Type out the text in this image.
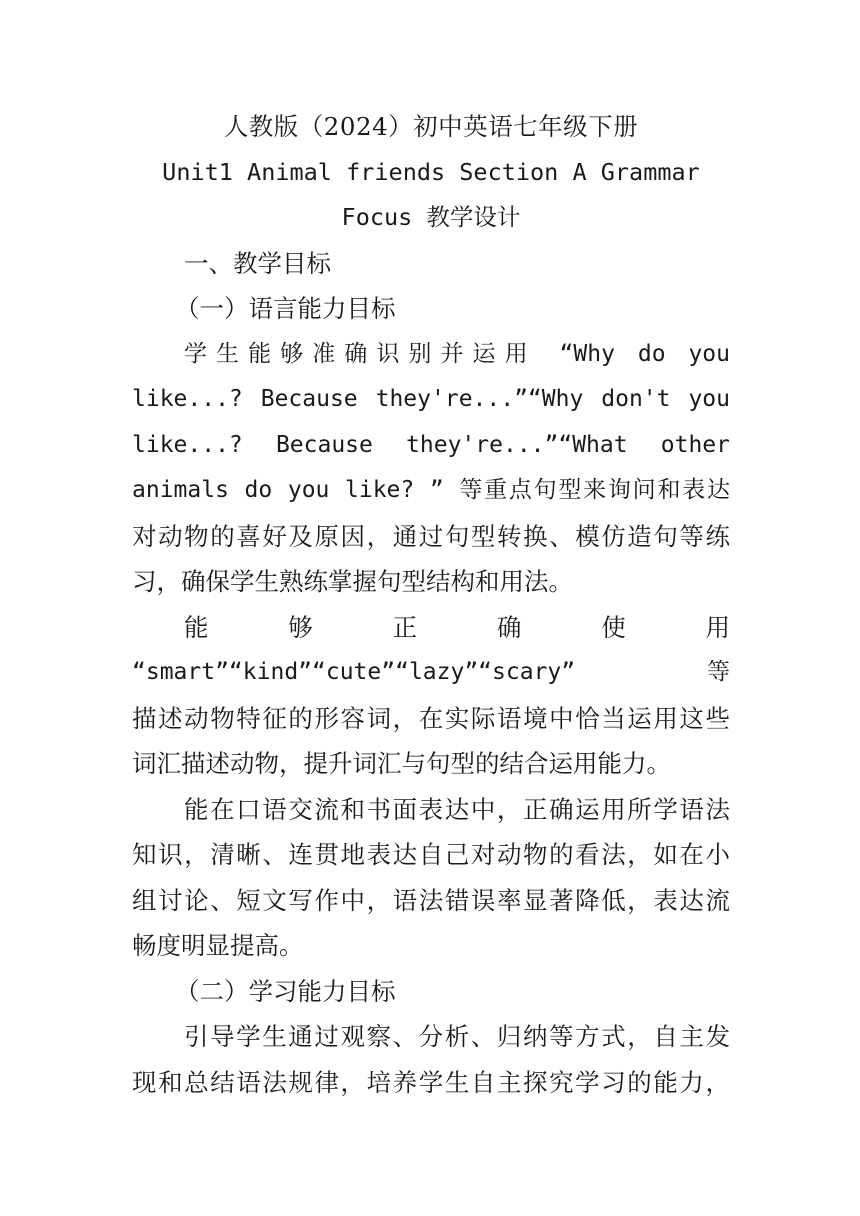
人教版（2024）初中英语七年级下册
Unit1 Animal friends Section A Grammar
Focus 教学设计
一、教学目标
（一）语言能力目标
学生能够准确识别并运用 “Why do you
like...? Because they're...”“Why don't you
like...? Because they're...”“What other
animals do you like? ” 等重点句型来询问和表达
对动物的喜好及原因，通过句型转换、模仿造句等练
习，确保学生熟练掌握句型结构和用法。
能 够 正 确 使 用
“smart”“kind”“cute”“lazy”“scary” 等
描述动物特征的形容词，在实际语境中恰当运用这些
词汇描述动物，提升词汇与句型的结合运用能力。
能在口语交流和书面表达中，正确运用所学语法
知识，清晰、连贯地表达自己对动物的看法，如在小
组讨论、短文写作中，语法错误率显著降低，表达流
畅度明显提高。
（二）学习能力目标
引导学生通过观察、分析、归纳等方式，自主发
现和总结语法规律，培养学生自主探究学习的能力，
